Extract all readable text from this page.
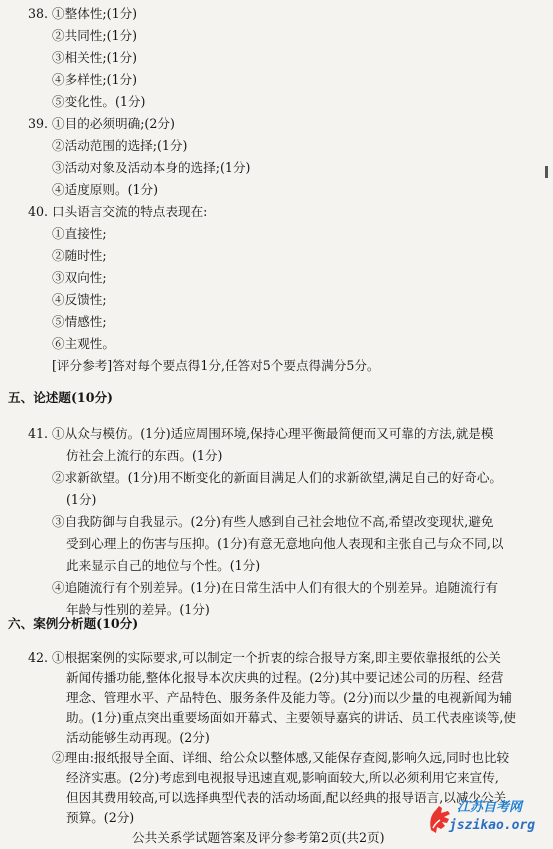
38. ①整体性;(1分)
②共同性;(1分)
③相关性;(1分)
④多样性;(1分)
⑤变化性。(1分)
39. ①目的必须明确;(2分)
②活动范围的选择;(1分)
③活动对象及活动本身的选择;(1分)
④适度原则。(1分)
40. 口头语言交流的特点表现在:
①直接性;
②随时性;
③双向性;
④反馈性;
⑤情感性;
⑥主观性。
[评分参考]答对每个要点得1分,任答对5个要点得满分5分。
五、论述题(10分)
41. ①从众与模仿。(1分)适应周围环境,保持心理平衡最简便而又可靠的方法,就是模
仿社会上流行的东西。(1分)
②求新欲望。(1分)用不断变化的新面目满足人们的求新欲望,满足自己的好奇心。
(1分)
③自我防御与自我显示。(2分)有些人感到自己社会地位不高,希望改变现状,避免
受到心理上的伤害与压抑。(1分)有意无意地向他人表现和主张自己与众不同,以
此来显示自己的地位与个性。(1分)
④追随流行有个别差异。(1分)在日常生活中人们有很大的个别差异。追随流行有
年龄与性别的差异。(1分)
六、案例分析题(10分)
42. ①根据案例的实际要求,可以制定一个折衷的综合报导方案,即主要依靠报纸的公关
新闻传播功能,整体化报导本次庆典的过程。(2分)其中要记述公司的历程、经营
理念、管理水平、产品特色、服务条件及能力等。(2分)而以少量的电视新闻为辅
助。(1分)重点突出重要场面如开幕式、主要领导嘉宾的讲话、员工代表座谈等,使
活动能够生动再现。(2分)
②理由:报纸报导全面、详细、给公众以整体感,又能保存查阅,影响久远,同时也比较
经济实惠。(2分)考虑到电视报导迅速直观,影响面较大,所以必须利用它来宣传,
但因其费用较高,可以选择典型代表的活动场面,配以经典的报导语言,以减少公关
公共关系学试题答案及评分参考第2页(共2页)
江苏自考网
jszikao.org
预算。(2分)
